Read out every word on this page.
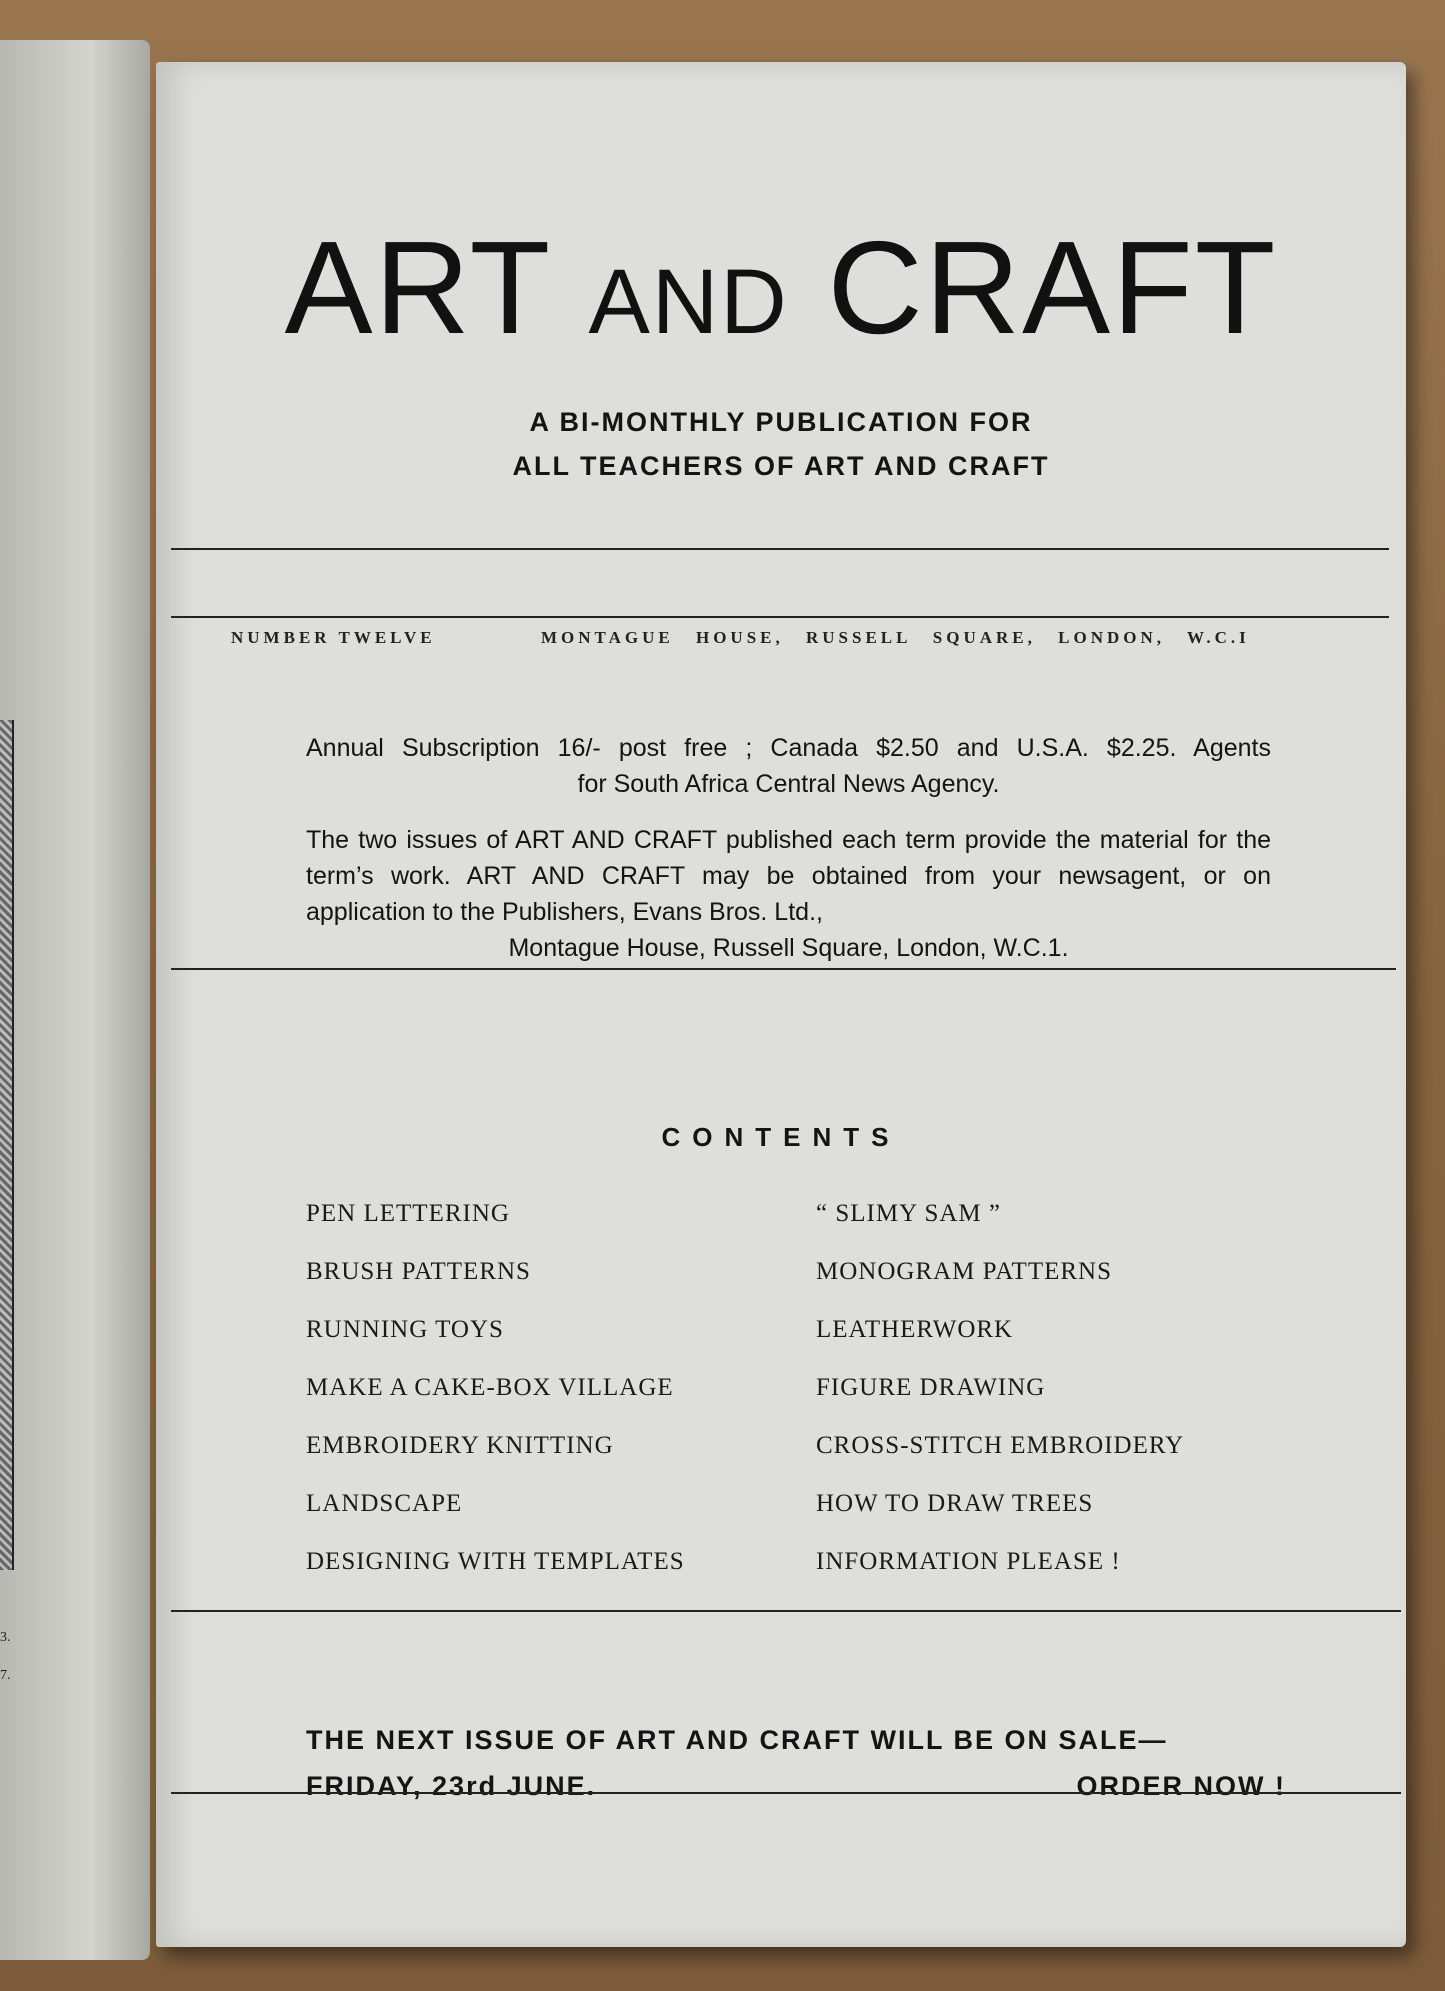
3.
7.
ART AND CRAFT
A BI-MONTHLY PUBLICATION FOR
ALL TEACHERS OF ART AND CRAFT
NUMBER TWELVE	MONTAGUE HOUSE, RUSSELL SQUARE, LONDON, W.C.I

Annual Subscription 16/- post free ; Canada $2.50 and U.S.A. $2.25. Agents
for South Africa Central News Agency.

The two issues of ART AND CRAFT published each term provide the material for the term’s work. ART AND CRAFT may be obtained from your newsagent, or on application to the Publishers, Evans Bros. Ltd.,
Montague House, Russell Square, London, W.C.1.

CONTENTS
PEN LETTERING
BRUSH PATTERNS
RUNNING TOYS
MAKE A CAKE-BOX VILLAGE
EMBROIDERY KNITTING
LANDSCAPE
DESIGNING WITH TEMPLATES
“ SLIMY SAM ”
MONOGRAM PATTERNS
LEATHERWORK
FIGURE DRAWING
CROSS-STITCH EMBROIDERY
HOW TO DRAW TREES
INFORMATION PLEASE !
THE NEXT ISSUE OF ART AND CRAFT WILL BE ON SALE—
FRIDAY, 23rd JUNE.	ORDER NOW !
